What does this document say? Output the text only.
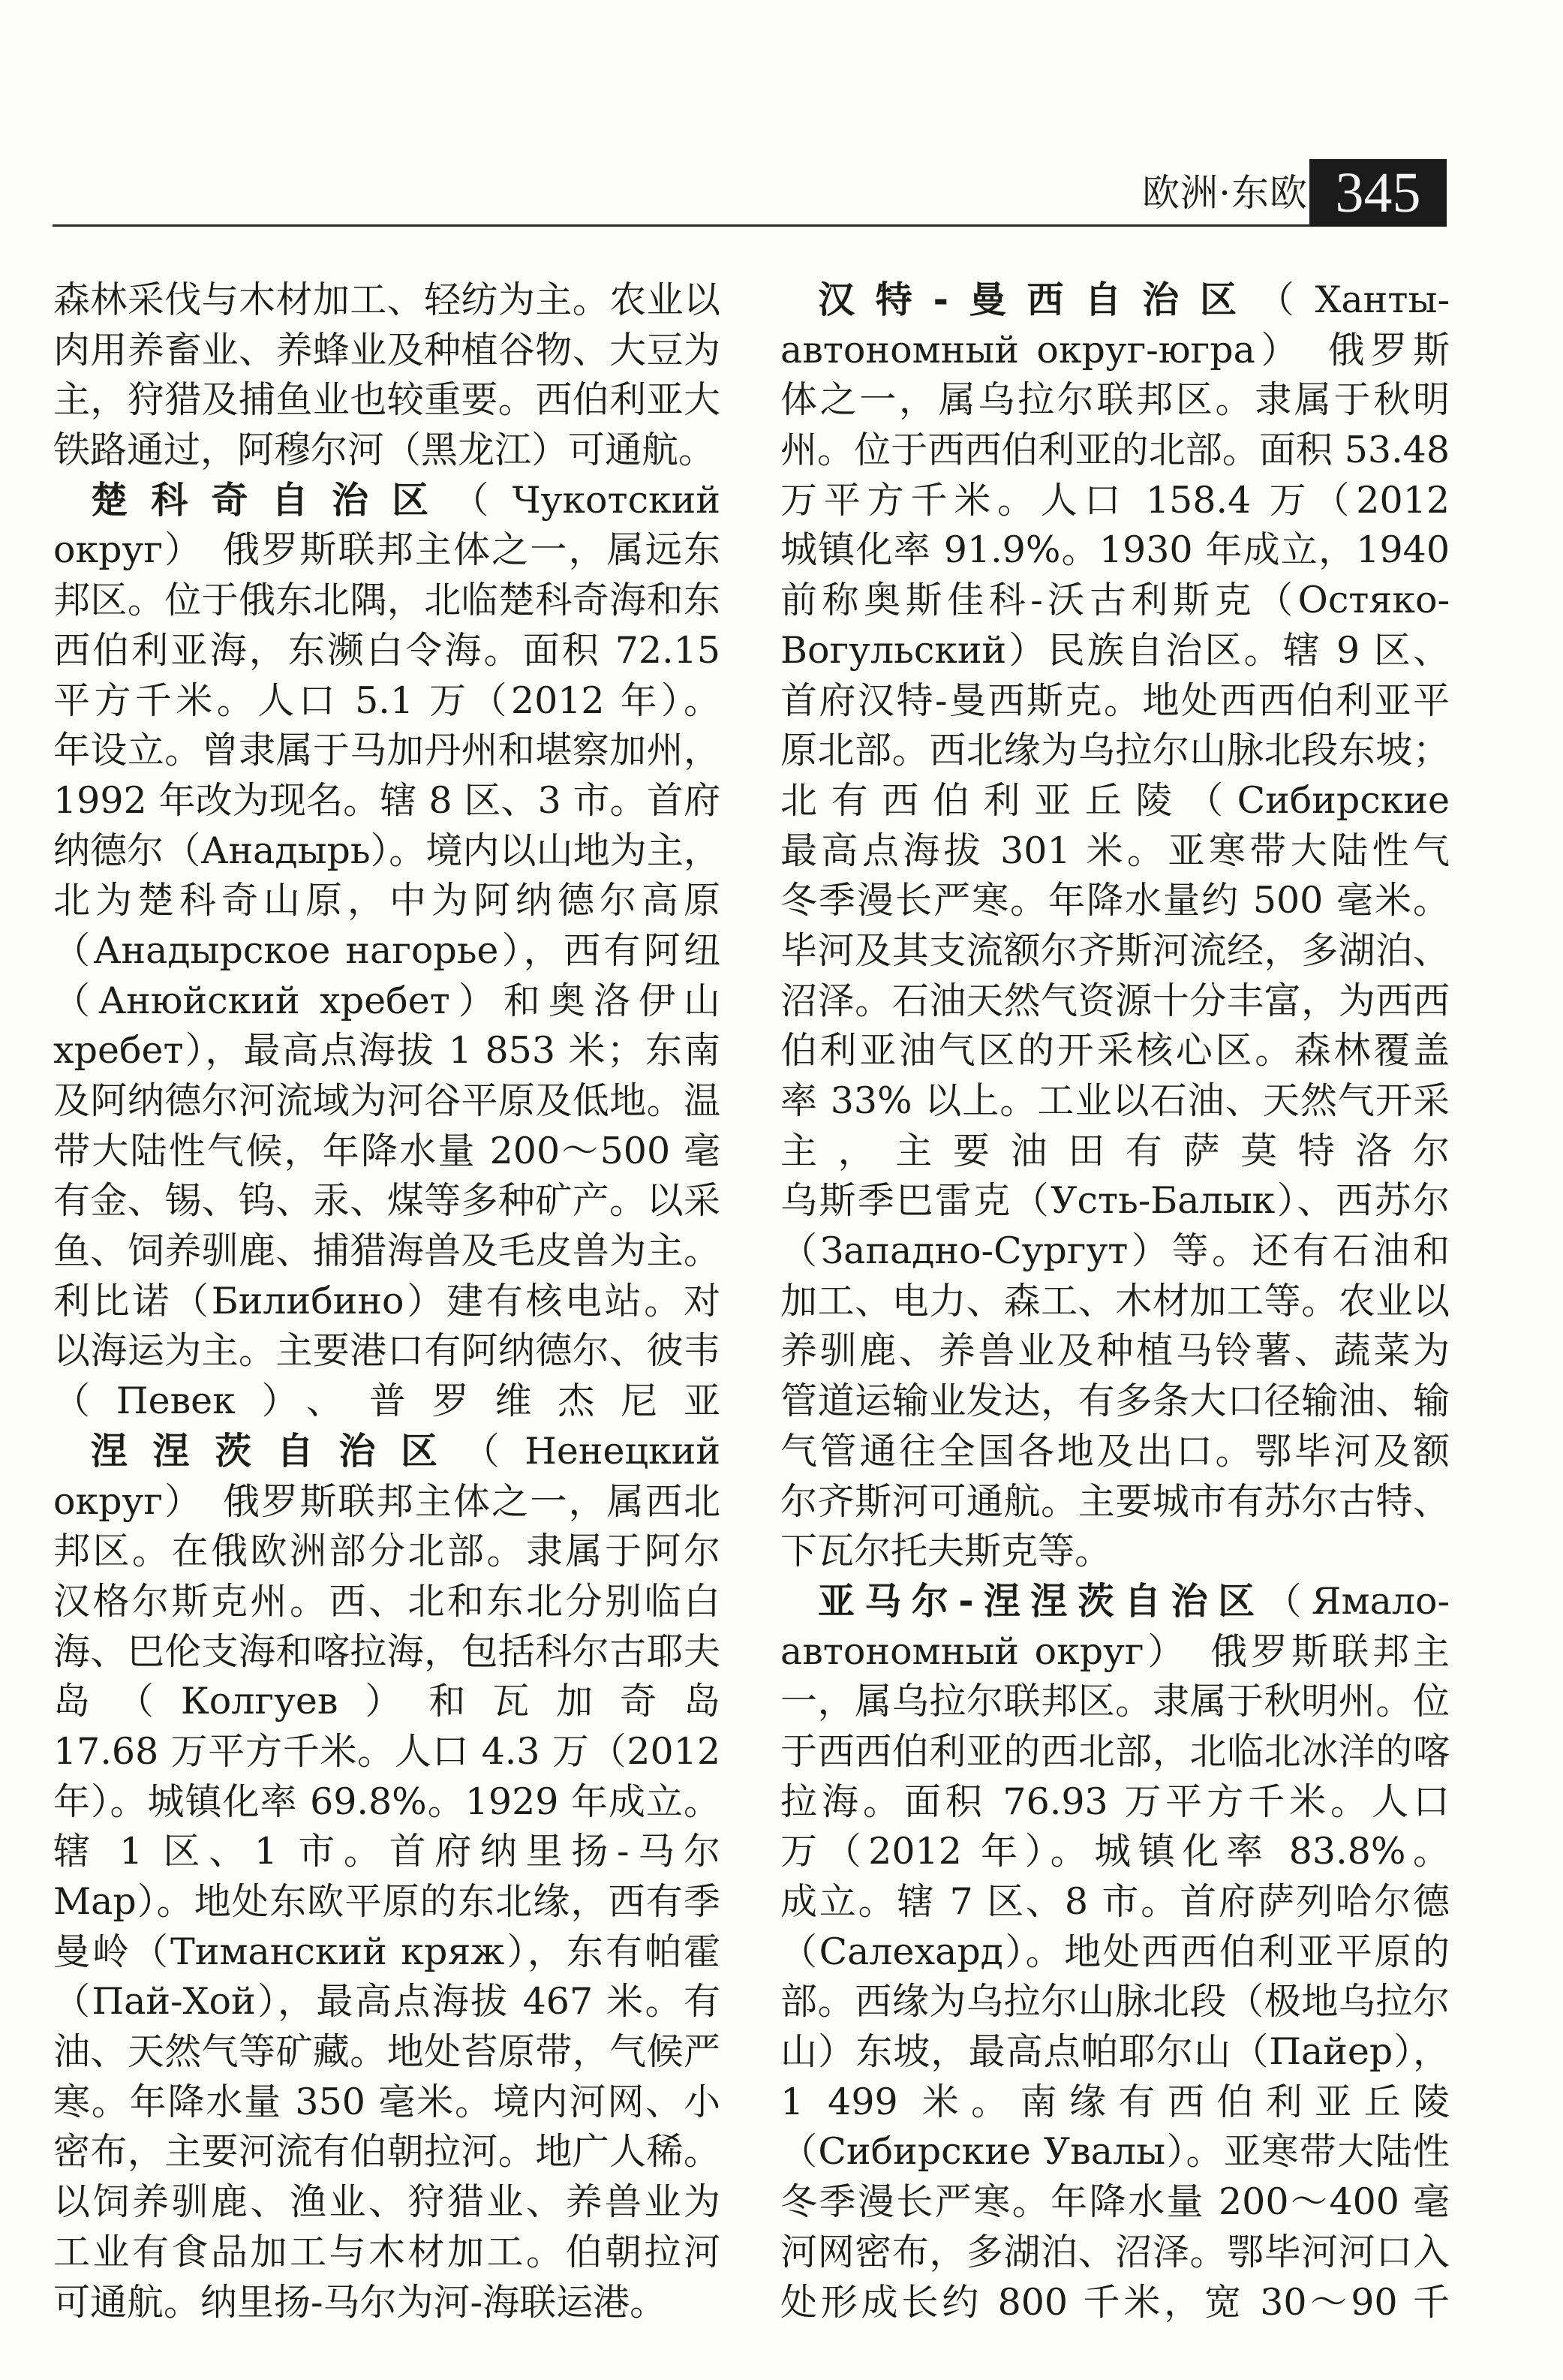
欧洲·东欧 345
森林采伐与木材加工、轻纺为主。农业以
肉用养畜业、养蜂业及种植谷物、大豆为
主，狩猎及捕鱼业也较重要。西伯利亚大
铁路通过，阿穆尔河（黑龙江）可通航。
楚科奇自治区（Чукотский
округ）　俄罗斯联邦主体之一，属远东
邦区。位于俄东北隅，北临楚科奇海和东
西伯利亚海，东濒白令海。面积 72.15
平方千米。人口 5.1 万（2012 年）。
年设立。曾隶属于马加丹州和堪察加州，
1992 年改为现名。辖 8 区、3 市。首府
纳德尔（Анадырь）。境内以山地为主，
北为楚科奇山原，中为阿纳德尔高原
（Анадырское нагорье），西有阿纽
（Анюйский хребет）和奥洛伊山
хребет），最高点海拔 1 853 米；东南
及阿纳德尔河流域为河谷平原及低地。温
带大陆性气候，年降水量 200～500 毫
有金、锡、钨、汞、煤等多种矿产。以采
鱼、饲养驯鹿、捕猎海兽及毛皮兽为主。
利比诺（Билибино）建有核电站。对
以海运为主。主要港口有阿纳德尔、彼韦
（Певек）、普罗维杰尼亚
涅涅茨自治区（Ненецкий
округ）　俄罗斯联邦主体之一，属西北
邦区。在俄欧洲部分北部。隶属于阿尔
汉格尔斯克州。西、北和东北分别临白
海、巴伦支海和喀拉海，包括科尔古耶夫
岛（Колгуев）和瓦加奇岛
17.68 万平方千米。人口 4.3 万（2012
年）。城镇化率 69.8%。1929 年成立。
辖 1 区、1 市。首府纳里扬-马尔
Мар）。地处东欧平原的东北缘，西有季
曼岭（Тиманский кряж），东有帕霍
（Пай-Хой），最高点海拔 467 米。有
油、天然气等矿藏。地处苔原带，气候严
寒。年降水量 350 毫米。境内河网、小
密布，主要河流有伯朝拉河。地广人稀。
以饲养驯鹿、渔业、狩猎业、养兽业为
工业有食品加工与木材加工。伯朝拉河
可通航。纳里扬-马尔为河-海联运港。
汉特-曼西自治区（Ханты-
автономный округ-югра）　俄罗斯
体之一，属乌拉尔联邦区。隶属于秋明
州。位于西西伯利亚的北部。面积 53.48
万平方千米。人口 158.4 万（2012
城镇化率 91.9%。1930 年成立，1940
前称奥斯佳科-沃古利斯克（Остяко-
Вогульский）民族自治区。辖 9 区、
首府汉特-曼西斯克。地处西西伯利亚平
原北部。西北缘为乌拉尔山脉北段东坡；
北有西伯利亚丘陵（Сибирские
最高点海拔 301 米。亚寒带大陆性气
冬季漫长严寒。年降水量约 500 毫米。
毕河及其支流额尔齐斯河流经，多湖泊、
沼泽。石油天然气资源十分丰富，为西西
伯利亚油气区的开采核心区。森林覆盖
率 33% 以上。工业以石油、天然气开采
主，主要油田有萨莫特洛尔
乌斯季巴雷克（Усть-Балык）、西苏尔
（Западно-Сургут）等。还有石油和
加工、电力、森工、木材加工等。农业以
养驯鹿、养兽业及种植马铃薯、蔬菜为
管道运输业发达，有多条大口径输油、输
气管通往全国各地及出口。鄂毕河及额
尔齐斯河可通航。主要城市有苏尔古特、
下瓦尔托夫斯克等。
亚马尔-涅涅茨自治区（Ямало-
автономный округ）　俄罗斯联邦主
一，属乌拉尔联邦区。隶属于秋明州。位
于西西伯利亚的西北部，北临北冰洋的喀
拉海。面积 76.93 万平方千米。人口
万（2012 年）。城镇化率 83.8%。
成立。辖 7 区、8 市。首府萨列哈尔德
（Салехард）。地处西西伯利亚平原的
部。西缘为乌拉尔山脉北段（极地乌拉尔
山）东坡，最高点帕耶尔山（Пайер），
1 499 米。南缘有西伯利亚丘陵
（Сибирские Увалы）。亚寒带大陆性
冬季漫长严寒。年降水量 200～400 毫
河网密布，多湖泊、沼泽。鄂毕河河口入
处形成长约 800 千米，宽 30～90 千
